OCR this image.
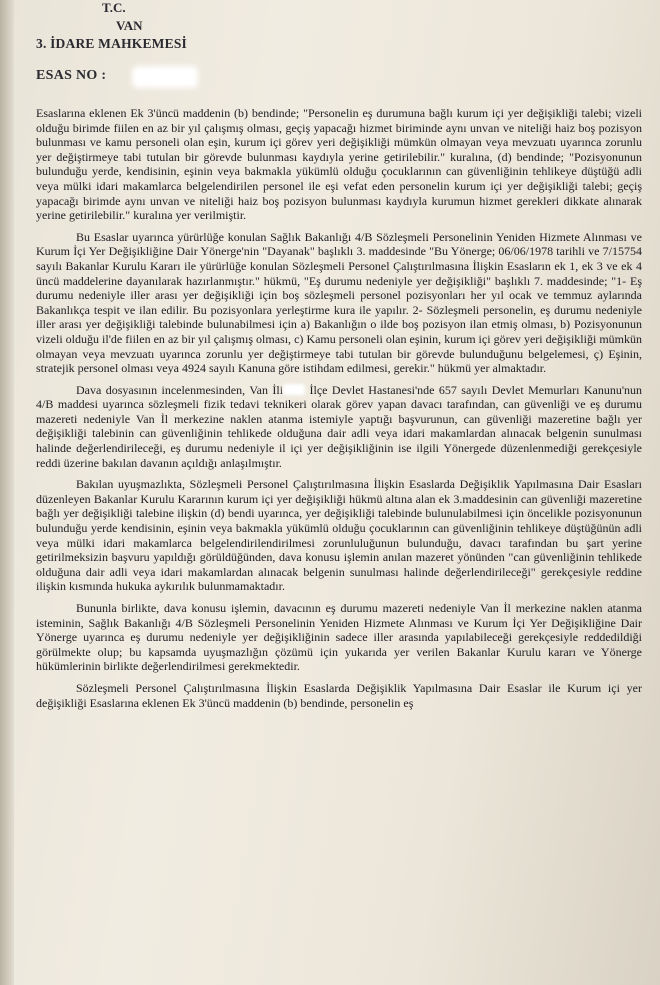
T.C.
VAN
3. İDARE MAHKEMESİ
ESAS NO :

Esaslarına eklenen Ek 3'üncü maddenin (b) bendinde; "Personelin eş durumuna bağlı kurum içi yer değişikliği talebi; vizeli olduğu birimde fiilen en az bir yıl çalışmış olması, geçiş yapacağı hizmet biriminde aynı unvan ve niteliği haiz boş pozisyon bulunması ve kamu personeli olan eşin, kurum içi görev yeri değişikliği mümkün olmayan veya mevzuatı uyarınca zorunlu yer değiştirmeye tabi tutulan bir görevde bulunması kaydıyla yerine getirilebilir." kuralına, (d) bendinde; "Pozisyonunun bulunduğu yerde, kendisinin, eşinin veya bakmakla yükümlü olduğu çocuklarının can güvenliğinin tehlikeye düştüğü adli veya mülki idari makamlarca belgelendirilen personel ile eşi vefat eden personelin kurum içi yer değişikliği talebi; geçiş yapacağı birimde aynı unvan ve niteliği haiz boş pozisyon bulunması kaydıyla kurumun hizmet gerekleri dikkate alınarak yerine getirilebilir." kuralına yer verilmiştir.

Bu Esaslar uyarınca yürürlüğe konulan Sağlık Bakanlığı 4/B Sözleşmeli Personelinin Yeniden Hizmete Alınması ve Kurum İçi Yer Değişikliğine Dair Yönerge'nin "Dayanak" başlıklı 3. maddesinde "Bu Yönerge; 06/06/1978 tarihli ve 7/15754 sayılı Bakanlar Kurulu Kararı ile yürürlüğe konulan Sözleşmeli Personel Çalıştırılmasına İlişkin Esasların ek 1, ek 3 ve ek 4 üncü maddelerine dayanılarak hazırlanmıştır." hükmü, "Eş durumu nedeniyle yer değişikliği" başlıklı 7. maddesinde; "1- Eş durumu nedeniyle iller arası yer değişikliği için boş sözleşmeli personel pozisyonları her yıl ocak ve temmuz aylarında Bakanlıkça tespit ve ilan edilir. Bu pozisyonlara yerleştirme kura ile yapılır. 2- Sözleşmeli personelin, eş durumu nedeniyle iller arası yer değişikliği talebinde bulunabilmesi için a) Bakanlığın o ilde boş pozisyon ilan etmiş olması, b) Pozisyonunun vizeli olduğu il'de fiilen en az bir yıl çalışmış olması, c) Kamu personeli olan eşinin, kurum içi görev yeri değişikliği mümkün olmayan veya mevzuatı uyarınca zorunlu yer değiştirmeye tabi tutulan bir görevde bulunduğunu belgelemesi, ç) Eşinin, stratejik personel olması veya 4924 sayılı Kanuna göre istihdam edilmesi, gerekir." hükmü yer almaktadır.

Dava dosyasının incelenmesinden, Van İli İlçe Devlet Hastanesi'nde 657 sayılı Devlet Memurları Kanunu'nun 4/B maddesi uyarınca sözleşmeli fizik tedavi teknikeri olarak görev yapan davacı tarafından, can güvenliği ve eş durumu mazereti nedeniyle Van İl merkezine naklen atanma istemiyle yaptığı başvurunun, can güvenliği mazeretine bağlı yer değişikliği talebinin can güvenliğinin tehlikede olduğuna dair adli veya idari makamlardan alınacak belgenin sunulması halinde değerlendirileceği, eş durumu nedeniyle il içi yer değişikliğinin ise ilgili Yönergede düzenlenmediği gerekçesiyle reddi üzerine bakılan davanın açıldığı anlaşılmıştır.

Bakılan uyuşmazlıkta, Sözleşmeli Personel Çalıştırılmasına İlişkin Esaslarda Değişiklik Yapılmasına Dair Esasları düzenleyen Bakanlar Kurulu Kararının kurum içi yer değişikliği hükmü altına alan ek 3.maddesinin can güvenliği mazeretine bağlı yer değişikliği talebine ilişkin (d) bendi uyarınca, yer değişikliği talebinde bulunulabilmesi için öncelikle pozisyonunun bulunduğu yerde kendisinin, eşinin veya bakmakla yükümlü olduğu çocuklarının can güvenliğinin tehlikeye düştüğünün adli veya mülki idari makamlarca belgelendirilendirilmesi zorunluluğunun bulunduğu, davacı tarafından bu şart yerine getirilmeksizin başvuru yapıldığı görüldüğünden, dava konusu işlemin anılan mazeret yönünden "can güvenliğinin tehlikede olduğuna dair adli veya idari makamlardan alınacak belgenin sunulması halinde değerlendirileceği" gerekçesiyle reddine ilişkin kısmında hukuka aykırılık bulunmamaktadır.

Bununla birlikte, dava konusu işlemin, davacının eş durumu mazereti nedeniyle Van İl merkezine naklen atanma isteminin, Sağlık Bakanlığı 4/B Sözleşmeli Personelinin Yeniden Hizmete Alınması ve Kurum İçi Yer Değişikliğine Dair Yönerge uyarınca eş durumu nedeniyle yer değişikliğinin sadece iller arasında yapılabileceği gerekçesiyle reddedildiği görülmekte olup; bu kapsamda uyuşmazlığın çözümü için yukarıda yer verilen Bakanlar Kurulu kararı ve Yönerge hükümlerinin birlikte değerlendirilmesi gerekmektedir.

Sözleşmeli Personel Çalıştırılmasına İlişkin Esaslarda Değişiklik Yapılmasına Dair Esaslar ile Kurum içi yer değişikliği Esaslarına eklenen Ek 3'üncü maddenin (b) bendinde, personelin eş
